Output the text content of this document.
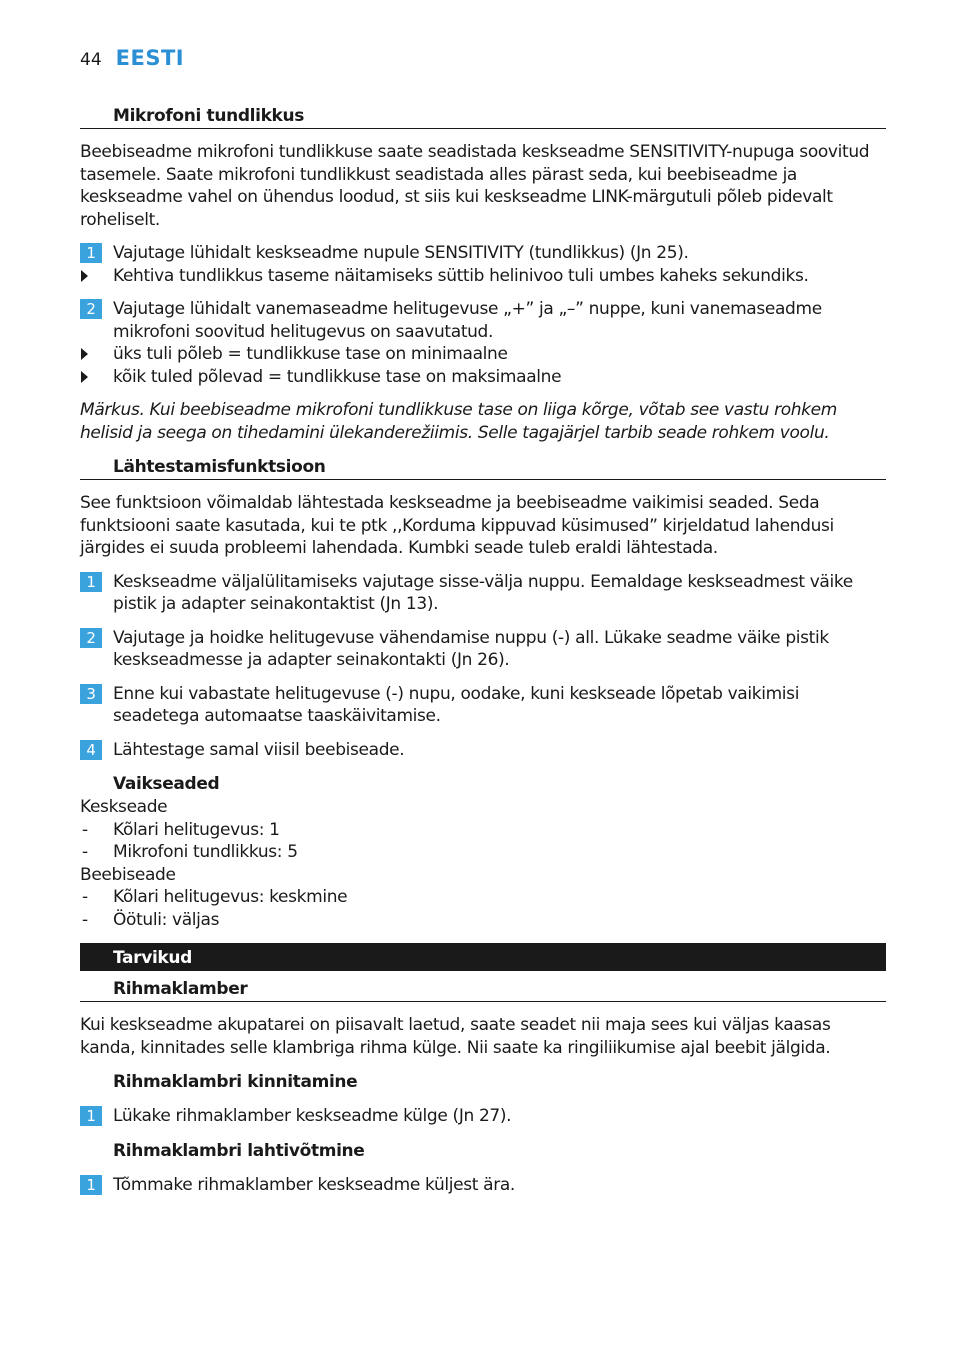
44 EESTI
Mikrofoni tundlikkus

Beebiseadme mikrofoni tundlikkuse saate seadistada keskseadme SENSITIVITY-nupuga soovitud tasemele. Saate mikrofoni tundlikkust seadistada alles pärast seda, kui beebiseadme ja keskseadme vahel on ühendus loodud, st siis kui keskseadme LINK-märgutuli põleb pidevalt roheliselt.

1	Vajutage lühidalt keskseadme nupule SENSITIVITY (tundlikkus) (Jn 25).
Kehtiva tundlikkus taseme näitamiseks süttib helinivoo tuli umbes kaheks sekundiks.
2	Vajutage lühidalt vanemaseadme helitugevuse „+” ja „–” nuppe, kuni vanemaseadme mikrofoni soovitud helitugevus on saavutatud.
üks tuli põleb = tundlikkuse tase on minimaalne
kõik tuled põlevad = tundlikkuse tase on maksimaalne

Märkus. Kui beebiseadme mikrofoni tundlikkuse tase on liiga kõrge, võtab see vastu rohkem helisid ja seega on tihedamini ülekanderežiimis. Selle tagajärjel tarbib seade rohkem voolu.

Lähtestamisfunktsioon

See funktsioon võimaldab lähtestada keskseadme ja beebiseadme vaikimisi seaded. Seda funktsiooni saate kasutada, kui te ptk ,,Korduma kippuvad küsimused” kirjeldatud lahendusi järgides ei suuda probleemi lahendada. Kumbki seade tuleb eraldi lähtestada.

1	Keskseadme väljalülitamiseks vajutage sisse-välja nuppu. Eemaldage keskseadmest väike pistik ja adapter seinakontaktist (Jn 13).
2	Vajutage ja hoidke helitugevuse vähendamise nuppu (-) all. Lükake seadme väike pistik keskseadmesse ja adapter seinakontakti (Jn 26).
3	Enne kui vabastate helitugevuse (-) nupu, oodake, kuni keskseade lõpetab vaikimisi seadetega automaatse taaskäivitamise.
4	Lähtestage samal viisil beebiseade.
Vaikseaded
Keskseade
-	Kõlari helitugevus: 1
-	Mikrofoni tundlikkus: 5
Beebiseade
-	Kõlari helitugevus: keskmine
-	Öötuli: väljas
Tarvikud
Rihmaklamber

Kui keskseadme akupatarei on piisavalt laetud, saate seadet nii maja sees kui väljas kaasas kanda, kinnitades selle klambriga rihma külge. Nii saate ka ringiliikumise ajal beebit jälgida.

Rihmaklambri kinnitamine
1	Lükake rihmaklamber keskseadme külge (Jn 27).
Rihmaklambri lahtivõtmine
1	Tõmmake rihmaklamber keskseadme küljest ära.
